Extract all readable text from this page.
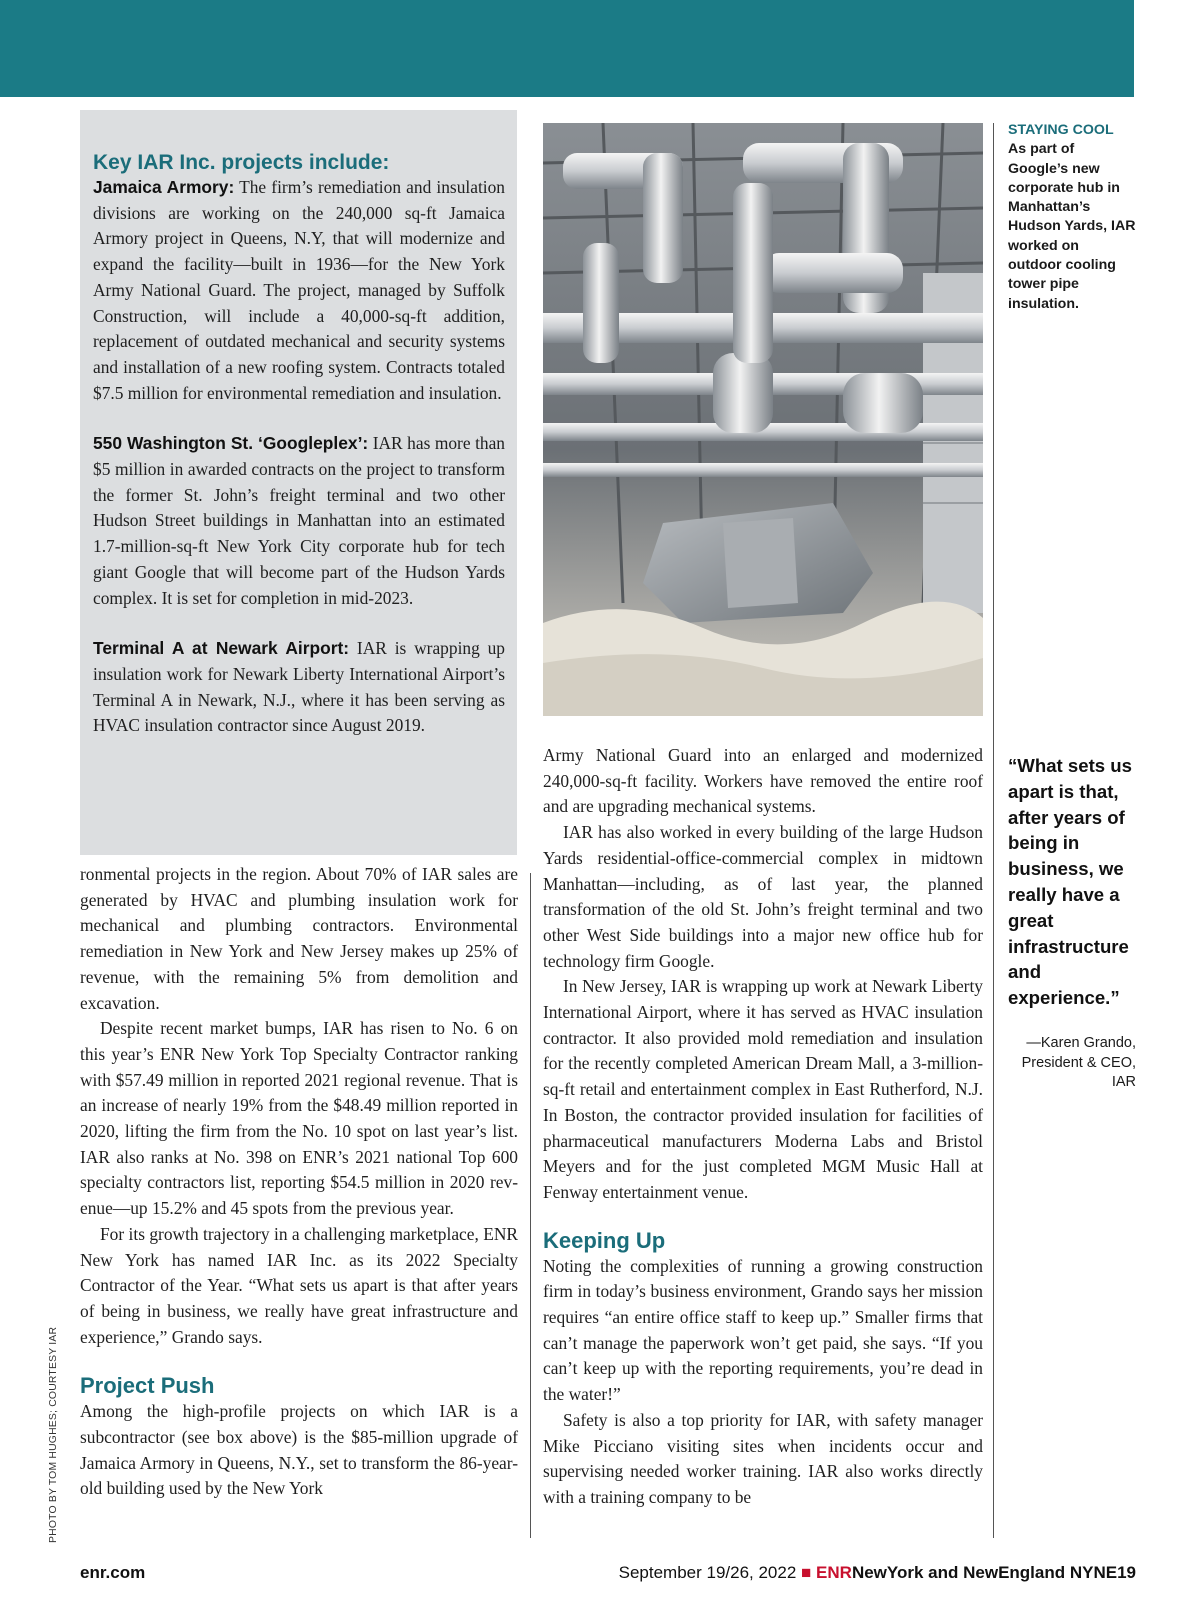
Key IAR Inc. projects include:

Jamaica Armory: The firm’s remediation and insulation divisions are working on the 240,000 sq-ft Jamaica Armory project in Queens, N.Y, that will modernize and expand the facility—built in 1936—for the New York Army National Guard. The project, managed by Suffolk Construction, will include a 40,000-sq-ft addition, replacement of outdated mechanical and security systems and installation of a new roofing system. Contracts totaled $7.5 million for environmental remediation and insulation.

550 Washington St. ‘Googleplex’: IAR has more than $5 million in awarded contracts on the project to transform the former St. John’s freight terminal and two other Hudson Street buildings in Manhattan into an estimated 1.7-million-sq-ft New York City corporate hub for tech giant Google that will become part of the Hudson Yards complex. It is set for completion in mid-2023.

Terminal A at Newark Airport: IAR is wrapping up insulation work for Newark Liberty International Airport’s Terminal A in Newark, N.J., where it has been serving as HVAC insulation contractor since August 2019.

STAYING COOL
As part of Google’s new corporate hub in Manhattan’s Hudson Yards, IAR worked on outdoor cooling tower pipe insulation.

ronmental projects in the region. About 70% of IAR sales are generated by HVAC and plumbing insulation work for mechanical and plumbing contractors. Environmental remediation in New York and New Jersey makes up 25% of revenue, with the remaining 5% from demolition and excavation.

Despite recent market bumps, IAR has risen to No. 6 on this year’s ENR New York Top Specialty Contractor ranking with $57.49 million in reported 2021 regional revenue. That is an increase of nearly 19% from the $48.49 million reported in 2020, lifting the firm from the No. 10 spot on last year’s list. IAR also ranks at No. 398 on ENR’s 2021 national Top 600 specialty contractors list, reporting $54.5 million in 2020 revenue—up 15.2% and 45 spots from the previous year.

For its growth trajectory in a challenging marketplace, ENR New York has named IAR Inc. as its 2022 Specialty Contractor of the Year. “What sets us apart is that after years of being in business, we really have great infrastructure and experience,” Grando says.

Project Push

Among the high-profile projects on which IAR is a subcontractor (see box above) is the $85-million upgrade of Jamaica Armory in Queens, N.Y., set to transform the 86-year-old building used by the New York

Army National Guard into an enlarged and modernized 240,000-sq-ft facility. Workers have removed the entire roof and are upgrading mechanical systems.

IAR has also worked in every building of the large Hudson Yards residential-office-commercial complex in midtown Manhattan—including, as of last year, the planned transformation of the old St. John’s freight terminal and two other West Side buildings into a major new office hub for technology firm Google.

In New Jersey, IAR is wrapping up work at Newark Liberty International Airport, where it has served as HVAC insulation contractor. It also provided mold remediation and insulation for the recently completed American Dream Mall, a 3-million-sq-ft retail and entertainment complex in East Rutherford, N.J. In Boston, the contractor provided insulation for facilities of pharmaceutical manufacturers Moderna Labs and Bristol Meyers and for the just completed MGM Music Hall at Fenway entertainment venue.

Keeping Up

Noting the complexities of running a growing construction firm in today’s business environment, Grando says her mission requires “an entire office staff to keep up.” Smaller firms that can’t manage the paperwork won’t get paid, she says. “If you can’t keep up with the reporting requirements, you’re dead in the water!”

Safety is also a top priority for IAR, with safety manager Mike Picciano visiting sites when incidents occur and supervising needed worker training. IAR also works directly with a training company to be

“What sets us apart is that, after years of being in business, we really have a great infrastructure and experience.”
—Karen Grando, President & CEO, IAR
PHOTO BY TOM HUGHES; COURTESY IAR
enr.com	September 19/26, 2022 ■ ENRNewYork and NewEngland NYNE19
